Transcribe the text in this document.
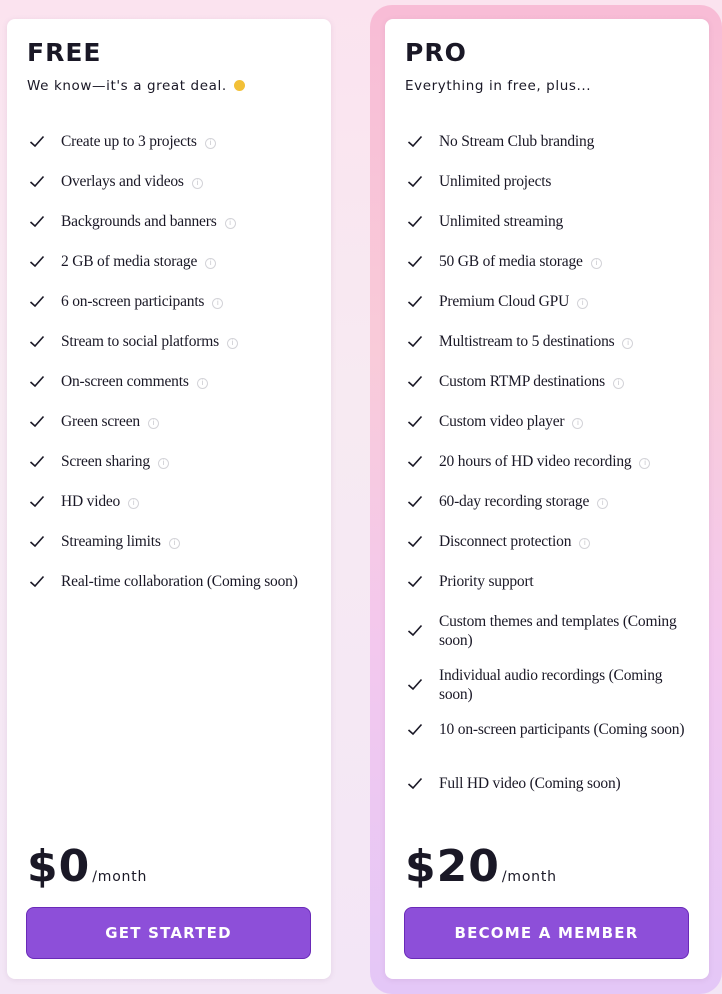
FREE

We know—it's a great deal.

Create up to 3 projects i
Overlays and videos i
Backgrounds and banners i
2 GB of media storage i
6 on-screen participants i
Stream to social platforms i
On-screen comments i
Green screen i
Screen sharing i
HD video i
Streaming limits i
Real-time collaboration (Coming soon)
$0 /month
GET STARTED
PRO

Everything in free, plus...

No Stream Club branding
Unlimited projects
Unlimited streaming
50 GB of media storage i
Premium Cloud GPU i
Multistream to 5 destinations i
Custom RTMP destinations i
Custom video player i
20 hours of HD video recording i
60-day recording storage i
Disconnect protection i
Priority support
Custom themes and templates (Coming soon)
Individual audio recordings (Coming soon)
10 on-screen participants (Coming soon)
Full HD video (Coming soon)
$20 /month
BECOME A MEMBER
